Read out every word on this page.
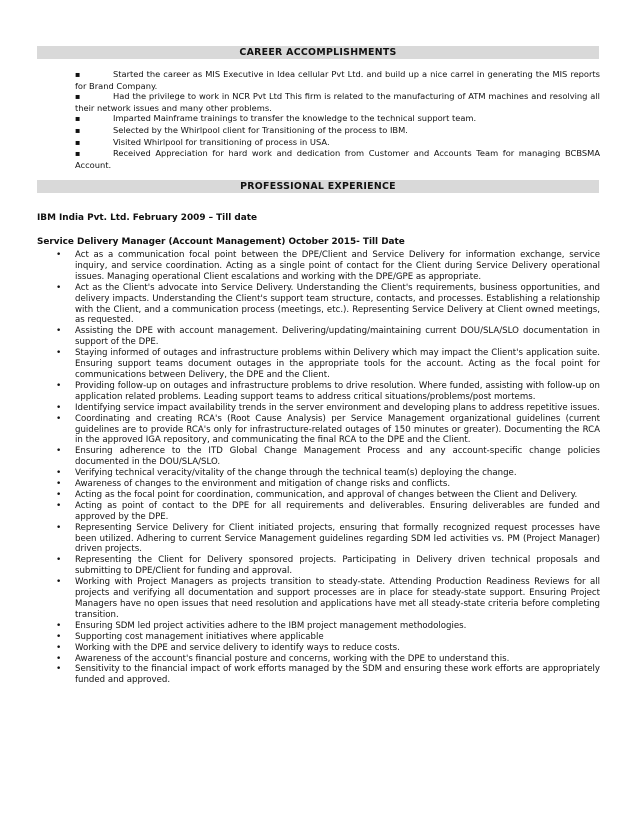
CAREER ACCOMPLISHMENTS
▪Started the career as MIS Executive in Idea cellular Pvt Ltd. and build up a nice carrel in generating the MIS reports for Brand Company.
▪Had the privilege to work in NCR Pvt Ltd This firm is related to the manufacturing of ATM machines and resolving all their network issues and many other problems.
▪Imparted Mainframe trainings to transfer the knowledge to the technical support team.
▪Selected by the Whirlpool client for Transitioning of the process to IBM.
▪Visited Whirlpool for transitioning of process in USA.
▪Received Appreciation for hard work and dedication from Customer and Accounts Team for managing BCBSMA Account.
PROFESSIONAL EXPERIENCE
IBM India Pvt. Ltd. February 2009 – Till date
Service Delivery Manager (Account Management) October 2015- Till Date
• Act as a communication focal point between the DPE/Client and Service Delivery for information exchange, service inquiry, and service coordination. Acting as a single point of contact for the Client during Service Delivery operational issues. Managing operational Client escalations and working with the DPE/GPE as appropriate.
• Act as the Client's advocate into Service Delivery. Understanding the Client's requirements, business opportunities, and delivery impacts. Understanding the Client's support team structure, contacts, and processes. Establishing a relationship with the Client, and a communication process (meetings, etc.). Representing Service Delivery at Client owned meetings, as requested.
• Assisting the DPE with account management. Delivering/updating/maintaining current DOU/SLA/SLO documentation in support of the DPE.
• Staying informed of outages and infrastructure problems within Delivery which may impact the Client's application suite. Ensuring support teams document outages in the appropriate tools for the account. Acting as the focal point for communications between Delivery, the DPE and the Client.
• Providing follow-up on outages and infrastructure problems to drive resolution. Where funded, assisting with follow-up on application related problems. Leading support teams to address critical situations/problems/post mortems.
• Identifying service impact availability trends in the server environment and developing plans to address repetitive issues.
• Coordinating and creating RCA's (Root Cause Analysis) per Service Management organizational guidelines (current guidelines are to provide RCA's only for infrastructure-related outages of 150 minutes or greater). Documenting the RCA in the approved IGA repository, and communicating the final RCA to the DPE and the Client.
• Ensuring adherence to the ITD Global Change Management Process and any account-specific change policies documented in the DOU/SLA/SLO.
• Verifying technical veracity/vitality of the change through the technical team(s) deploying the change.
• Awareness of changes to the environment and mitigation of change risks and conflicts.
• Acting as the focal point for coordination, communication, and approval of changes between the Client and Delivery.
• Acting as point of contact to the DPE for all requirements and deliverables. Ensuring deliverables are funded and approved by the DPE.
• Representing Service Delivery for Client initiated projects, ensuring that formally recognized request processes have been utilized. Adhering to current Service Management guidelines regarding SDM led activities vs. PM (Project Manager) driven projects.
• Representing the Client for Delivery sponsored projects. Participating in Delivery driven technical proposals and submitting to DPE/Client for funding and approval.
• Working with Project Managers as projects transition to steady-state. Attending Production Readiness Reviews for all projects and verifying all documentation and support processes are in place for steady-state support. Ensuring Project Managers have no open issues that need resolution and applications have met all steady-state criteria before completing transition.
• Ensuring SDM led project activities adhere to the IBM project management methodologies.
• Supporting cost management initiatives where applicable
• Working with the DPE and service delivery to identify ways to reduce costs.
• Awareness of the account's financial posture and concerns, working with the DPE to understand this.
• Sensitivity to the financial impact of work efforts managed by the SDM and ensuring these work efforts are appropriately funded and approved.
